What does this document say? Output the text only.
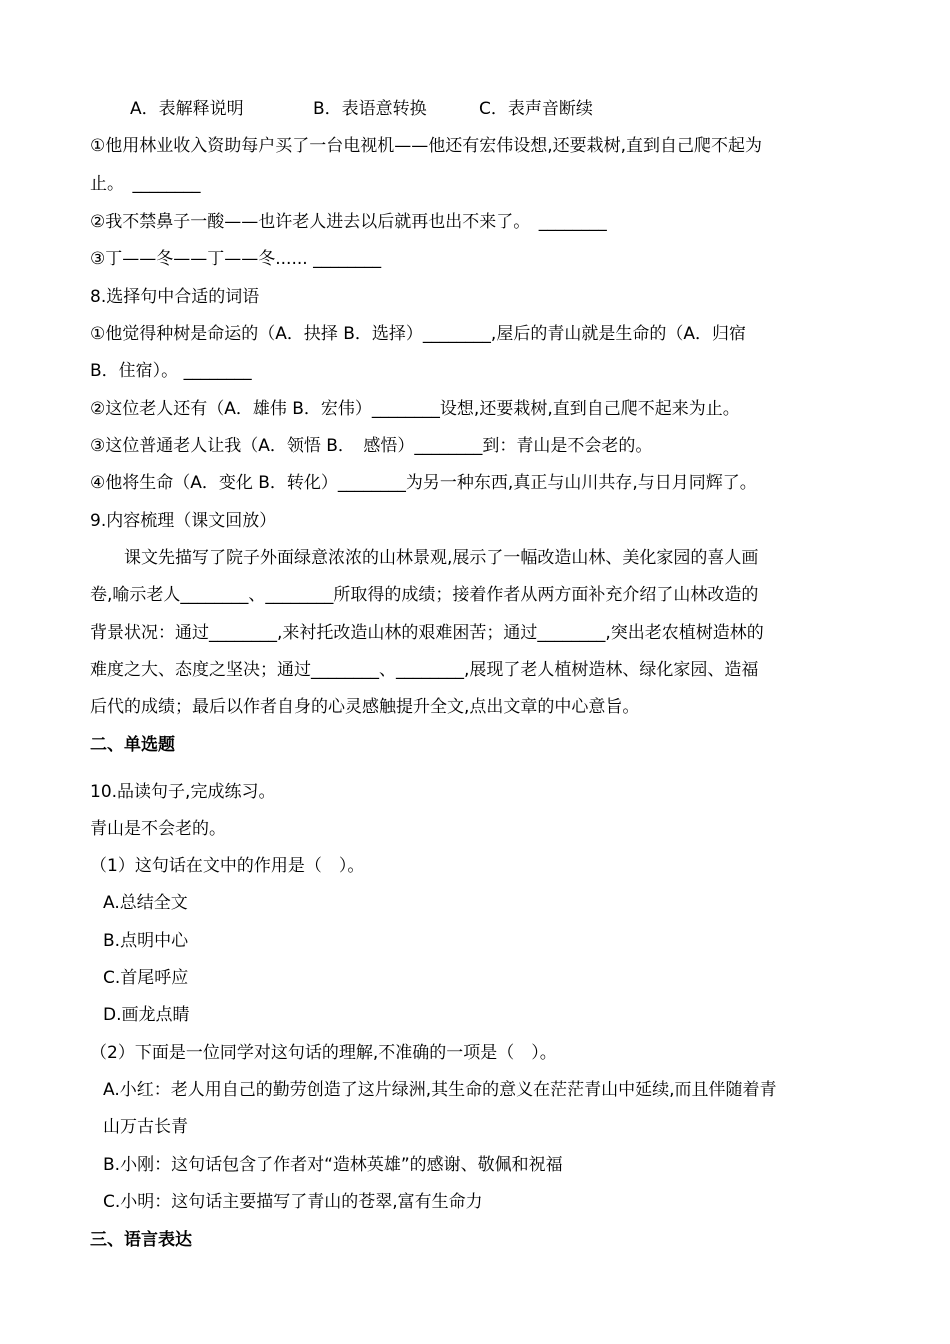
A．表解释说明	B．表语意转换	C．表声音断续
①他用林业收入资助每户买了一台电视机——他还有宏伟设想,还要栽树,直到自己爬不起为
止。　________
②我不禁鼻子一酸——也许老人进去以后就再也出不来了。　________
③丁——冬——丁——冬...... ________
8.选择句中合适的词语
①他觉得种树是命运的（A．抉择 B．选择）________,屋后的青山就是生命的（A．归宿
B．住宿）。 ________
②这位老人还有（A．雄伟 B．宏伟）________设想,还要栽树,直到自己爬不起来为止。
③这位普通老人让我（A．领悟 B．　感悟）________到：青山是不会老的。
④他将生命（A．变化 B．转化）________为另一种东西,真正与山川共存,与日月同辉了。
9.内容梳理（课文回放）
课文先描写了院子外面绿意浓浓的山林景观,展示了一幅改造山林、美化家园的喜人画
卷,喻示老人________、________所取得的成绩；接着作者从两方面补充介绍了山林改造的
背景状况：通过________,来衬托改造山林的艰难困苦；通过________,突出老农植树造林的
难度之大、态度之坚决；通过________、________,展现了老人植树造林、绿化家园、造福
后代的成绩；最后以作者自身的心灵感触提升全文,点出文章的中心意旨。
二、单选题
10.品读句子,完成练习。
青山是不会老的。
（1）这句话在文中的作用是（　）。
A.总结全文
B.点明中心
C.首尾呼应
D.画龙点睛
（2）下面是一位同学对这句话的理解,不准确的一项是（　）。
A.小红：老人用自己的勤劳创造了这片绿洲,其生命的意义在茫茫青山中延续,而且伴随着青
山万古长青
B.小刚：这句话包含了作者对“造林英雄”的感谢、敬佩和祝福
C.小明：这句话主要描写了青山的苍翠,富有生命力
三、语言表达
